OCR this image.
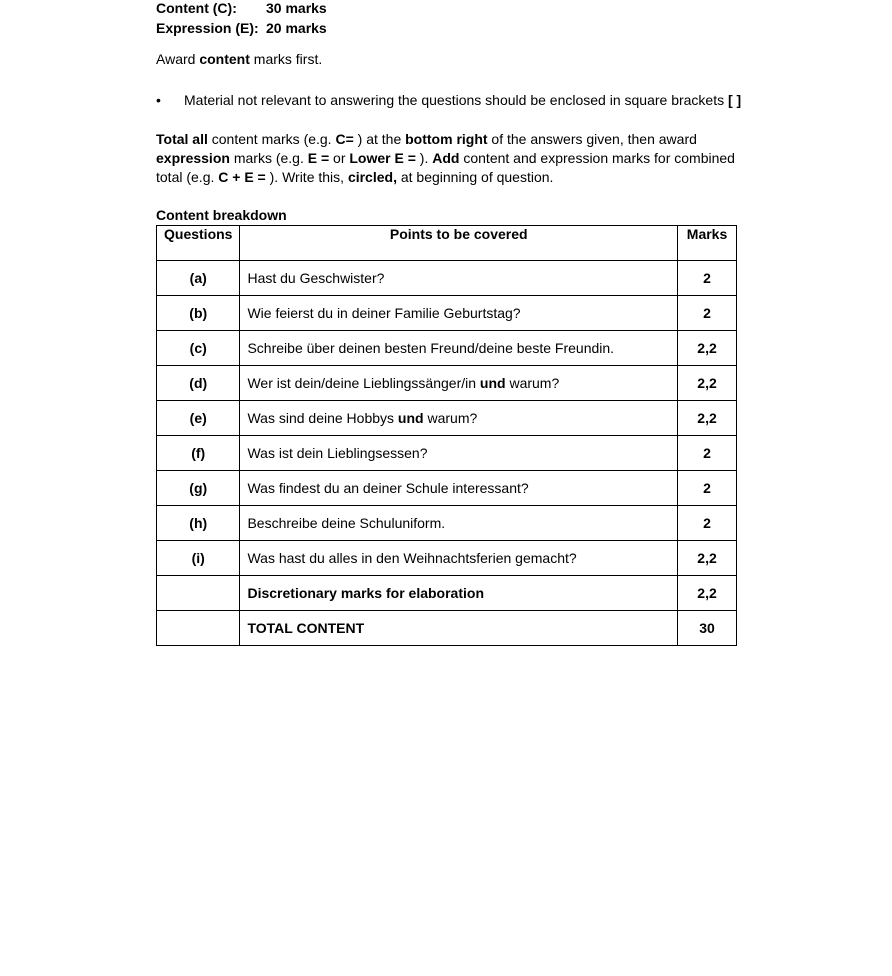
Content (C): 30 marks
Expression (E): 20 marks
Award content marks first.
• Material not relevant to answering the questions should be enclosed in square brackets [ ]
Total all content marks (e.g. C= ) at the bottom right of the answers given, then award expression marks (e.g. E = or Lower E = ). Add content and expression marks for combined total (e.g. C + E = ). Write this, circled, at beginning of question.
Content breakdown
Questions	Points to be covered	Marks
(a)	Hast du Geschwister?	2
(b)	Wie feierst du in deiner Familie Geburtstag?	2
(c)	Schreibe über deinen besten Freund/deine beste Freundin.	2,2
(d)	Wer ist dein/deine Lieblingssänger/in und warum?	2,2
(e)	Was sind deine Hobbys und warum?	2,2
(f)	Was ist dein Lieblingsessen?	2
(g)	Was findest du an deiner Schule interessant?	2
(h)	Beschreibe deine Schuluniform.	2
(i)	Was hast du alles in den Weihnachtsferien gemacht?	2,2
	Discretionary marks for elaboration	2,2
	TOTAL CONTENT	30
